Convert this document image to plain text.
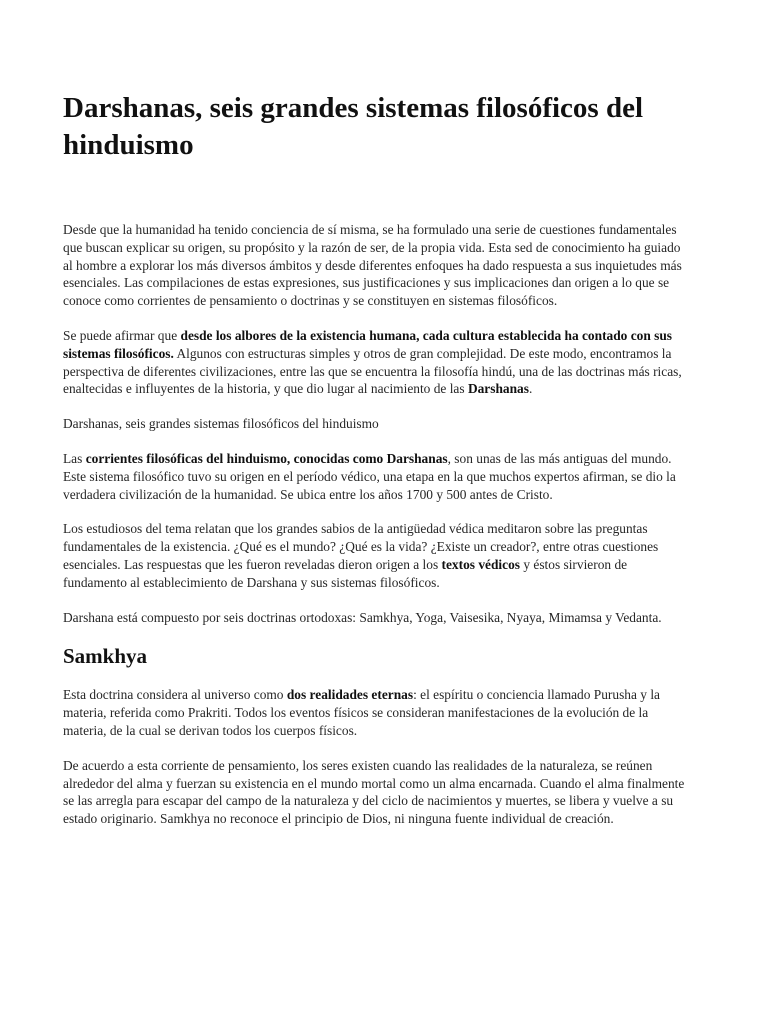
Darshanas, seis grandes sistemas filosóficos del hinduismo

Desde que la humanidad ha tenido conciencia de sí misma, se ha formulado una serie de cuestiones fundamentales que buscan explicar su origen, su propósito y la razón de ser, de la propia vida. Esta sed de conocimiento ha guiado al hombre a explorar los más diversos ámbitos y desde diferentes enfoques ha dado respuesta a sus inquietudes más esenciales. Las compilaciones de estas expresiones, sus justificaciones y sus implicaciones dan origen a lo que se conoce como corrientes de pensamiento o doctrinas y se constituyen en sistemas filosóficos.

Se puede afirmar que desde los albores de la existencia humana, cada cultura establecida ha contado con sus sistemas filosóficos. Algunos con estructuras simples y otros de gran complejidad. De este modo, encontramos la perspectiva de diferentes civilizaciones, entre las que se encuentra la filosofía hindú, una de las doctrinas más ricas, enaltecidas e influyentes de la historia, y que dio lugar al nacimiento de las Darshanas.

Darshanas, seis grandes sistemas filosóficos del hinduismo

Las corrientes filosóficas del hinduismo, conocidas como Darshanas, son unas de las más antiguas del mundo. Este sistema filosófico tuvo su origen en el período védico, una etapa en la que muchos expertos afirman, se dio la verdadera civilización de la humanidad. Se ubica entre los años 1700 y 500 antes de Cristo.

Los estudiosos del tema relatan que los grandes sabios de la antigüedad védica meditaron sobre las preguntas fundamentales de la existencia. ¿Qué es el mundo? ¿Qué es la vida? ¿Existe un creador?, entre otras cuestiones esenciales. Las respuestas que les fueron reveladas dieron origen a los textos védicos y éstos sirvieron de fundamento al establecimiento de Darshana y sus sistemas filosóficos.

Darshana está compuesto por seis doctrinas ortodoxas: Samkhya, Yoga, Vaisesika, Nyaya, Mimamsa y Vedanta.

Samkhya

Esta doctrina considera al universo como dos realidades eternas: el espíritu o conciencia llamado Purusha y la materia, referida como Prakriti. Todos los eventos físicos se consideran manifestaciones de la evolución de la materia, de la cual se derivan todos los cuerpos físicos.

De acuerdo a esta corriente de pensamiento, los seres existen cuando las realidades de la naturaleza, se reúnen alrededor del alma y fuerzan su existencia en el mundo mortal como un alma encarnada. Cuando el alma finalmente se las arregla para escapar del campo de la naturaleza y del ciclo de nacimientos y muertes, se libera y vuelve a su estado originario. Samkhya no reconoce el principio de Dios, ni ninguna fuente individual de creación.
